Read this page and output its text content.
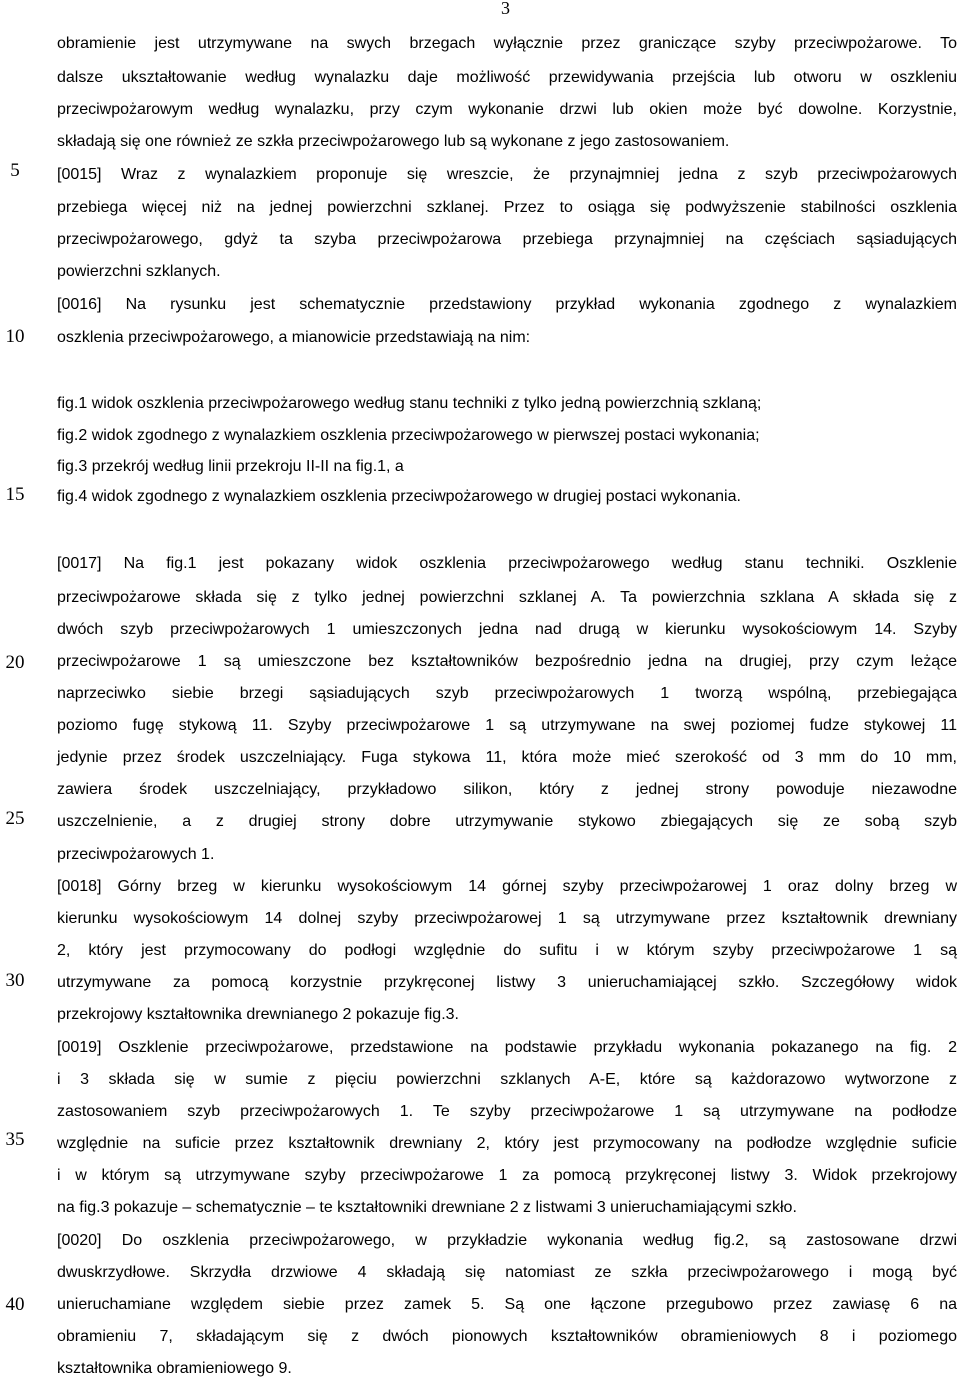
3
5
10
15
20
25
30
35
40
obramienie jest utrzymywane na swych brzegach wyłącznie przez graniczące szyby przeciwpożarowe. To
dalsze ukształtowanie według wynalazku daje możliwość przewidywania przejścia lub otworu w oszkleniu
przeciwpożarowym według wynalazku, przy czym wykonanie drzwi lub okien może być dowolne. Korzystnie,
składają się one również ze szkła przeciwpożarowego lub są wykonane z jego zastosowaniem.
[0015] Wraz z wynalazkiem proponuje się wreszcie, że przynajmniej jedna z szyb przeciwpożarowych
przebiega więcej niż na jednej powierzchni szklanej. Przez to osiąga się podwyższenie stabilności oszklenia
przeciwpożarowego, gdyż ta szyba przeciwpożarowa przebiega przynajmniej na częściach sąsiadujących
powierzchni szklanych.
[0016] Na rysunku jest schematycznie przedstawiony przykład wykonania zgodnego z wynalazkiem
oszklenia przeciwpożarowego, a mianowicie przedstawiają na nim:
fig.1 widok oszklenia przeciwpożarowego według stanu techniki z tylko jedną powierzchnią szklaną;
fig.2 widok zgodnego z wynalazkiem oszklenia przeciwpożarowego w pierwszej postaci wykonania;
fig.3 przekrój według linii przekroju II-II na fig.1, a
fig.4 widok zgodnego z wynalazkiem oszklenia przeciwpożarowego w drugiej postaci wykonania.
[0017] Na fig.1 jest pokazany widok oszklenia przeciwpożarowego według stanu techniki. Oszklenie
przeciwpożarowe składa się z tylko jednej powierzchni szklanej A. Ta powierzchnia szklana A składa się z
dwóch szyb przeciwpożarowych 1 umieszczonych jedna nad drugą w kierunku wysokościowym 14. Szyby
przeciwpożarowe 1 są umieszczone bez kształtowników bezpośrednio jedna na drugiej, przy czym leżące
naprzeciwko siebie brzegi sąsiadujących szyb przeciwpożarowych 1 tworzą wspólną, przebiegająca
poziomo fugę stykową 11. Szyby przeciwpożarowe 1 są utrzymywane na swej poziomej fudze stykowej 11
jedynie przez środek uszczelniający. Fuga stykowa 11, która może mieć szerokość od 3 mm do 10 mm,
zawiera środek uszczelniający, przykładowo silikon, który z jednej strony powoduje niezawodne
uszczelnienie, a z drugiej strony dobre utrzymywanie stykowo zbiegających się ze sobą szyb
przeciwpożarowych 1.
[0018] Górny brzeg w kierunku wysokościowym 14 górnej szyby przeciwpożarowej 1 oraz dolny brzeg w
kierunku wysokościowym 14 dolnej szyby przeciwpożarowej 1 są utrzymywane przez kształtownik drewniany
2, który jest przymocowany do podłogi względnie do sufitu i w którym szyby przeciwpożarowe 1 są
utrzymywane za pomocą korzystnie przykręconej listwy 3 unieruchamiającej szkło. Szczegółowy widok
przekrojowy kształtownika drewnianego 2 pokazuje fig.3.
[0019] Oszklenie przeciwpożarowe, przedstawione na podstawie przykładu wykonania pokazanego na fig. 2
i 3 składa się w sumie z pięciu powierzchni szklanych A-E, które są każdorazowo wytworzone z
zastosowaniem szyb przeciwpożarowych 1. Te szyby przeciwpożarowe 1 są utrzymywane na podłodze
względnie na suficie przez kształtownik drewniany 2, który jest przymocowany na podłodze względnie suficie
i w którym są utrzymywane szyby przeciwpożarowe 1 za pomocą przykręconej listwy 3. Widok przekrojowy
na fig.3 pokazuje – schematycznie – te kształtowniki drewniane 2 z listwami 3 unieruchamiającymi szkło.
[0020] Do oszklenia przeciwpożarowego, w przykładzie wykonania według fig.2, są zastosowane drzwi
dwuskrzydłowe. Skrzydła drzwiowe 4 składają się natomiast ze szkła przeciwpożarowego i mogą być
unieruchamiane względem siebie przez zamek 5. Są one łączone przegubowo przez zawiasę 6 na
obramieniu 7, składającym się z dwóch pionowych kształtowników obramieniowych 8 i poziomego
kształtownika obramieniowego 9.
